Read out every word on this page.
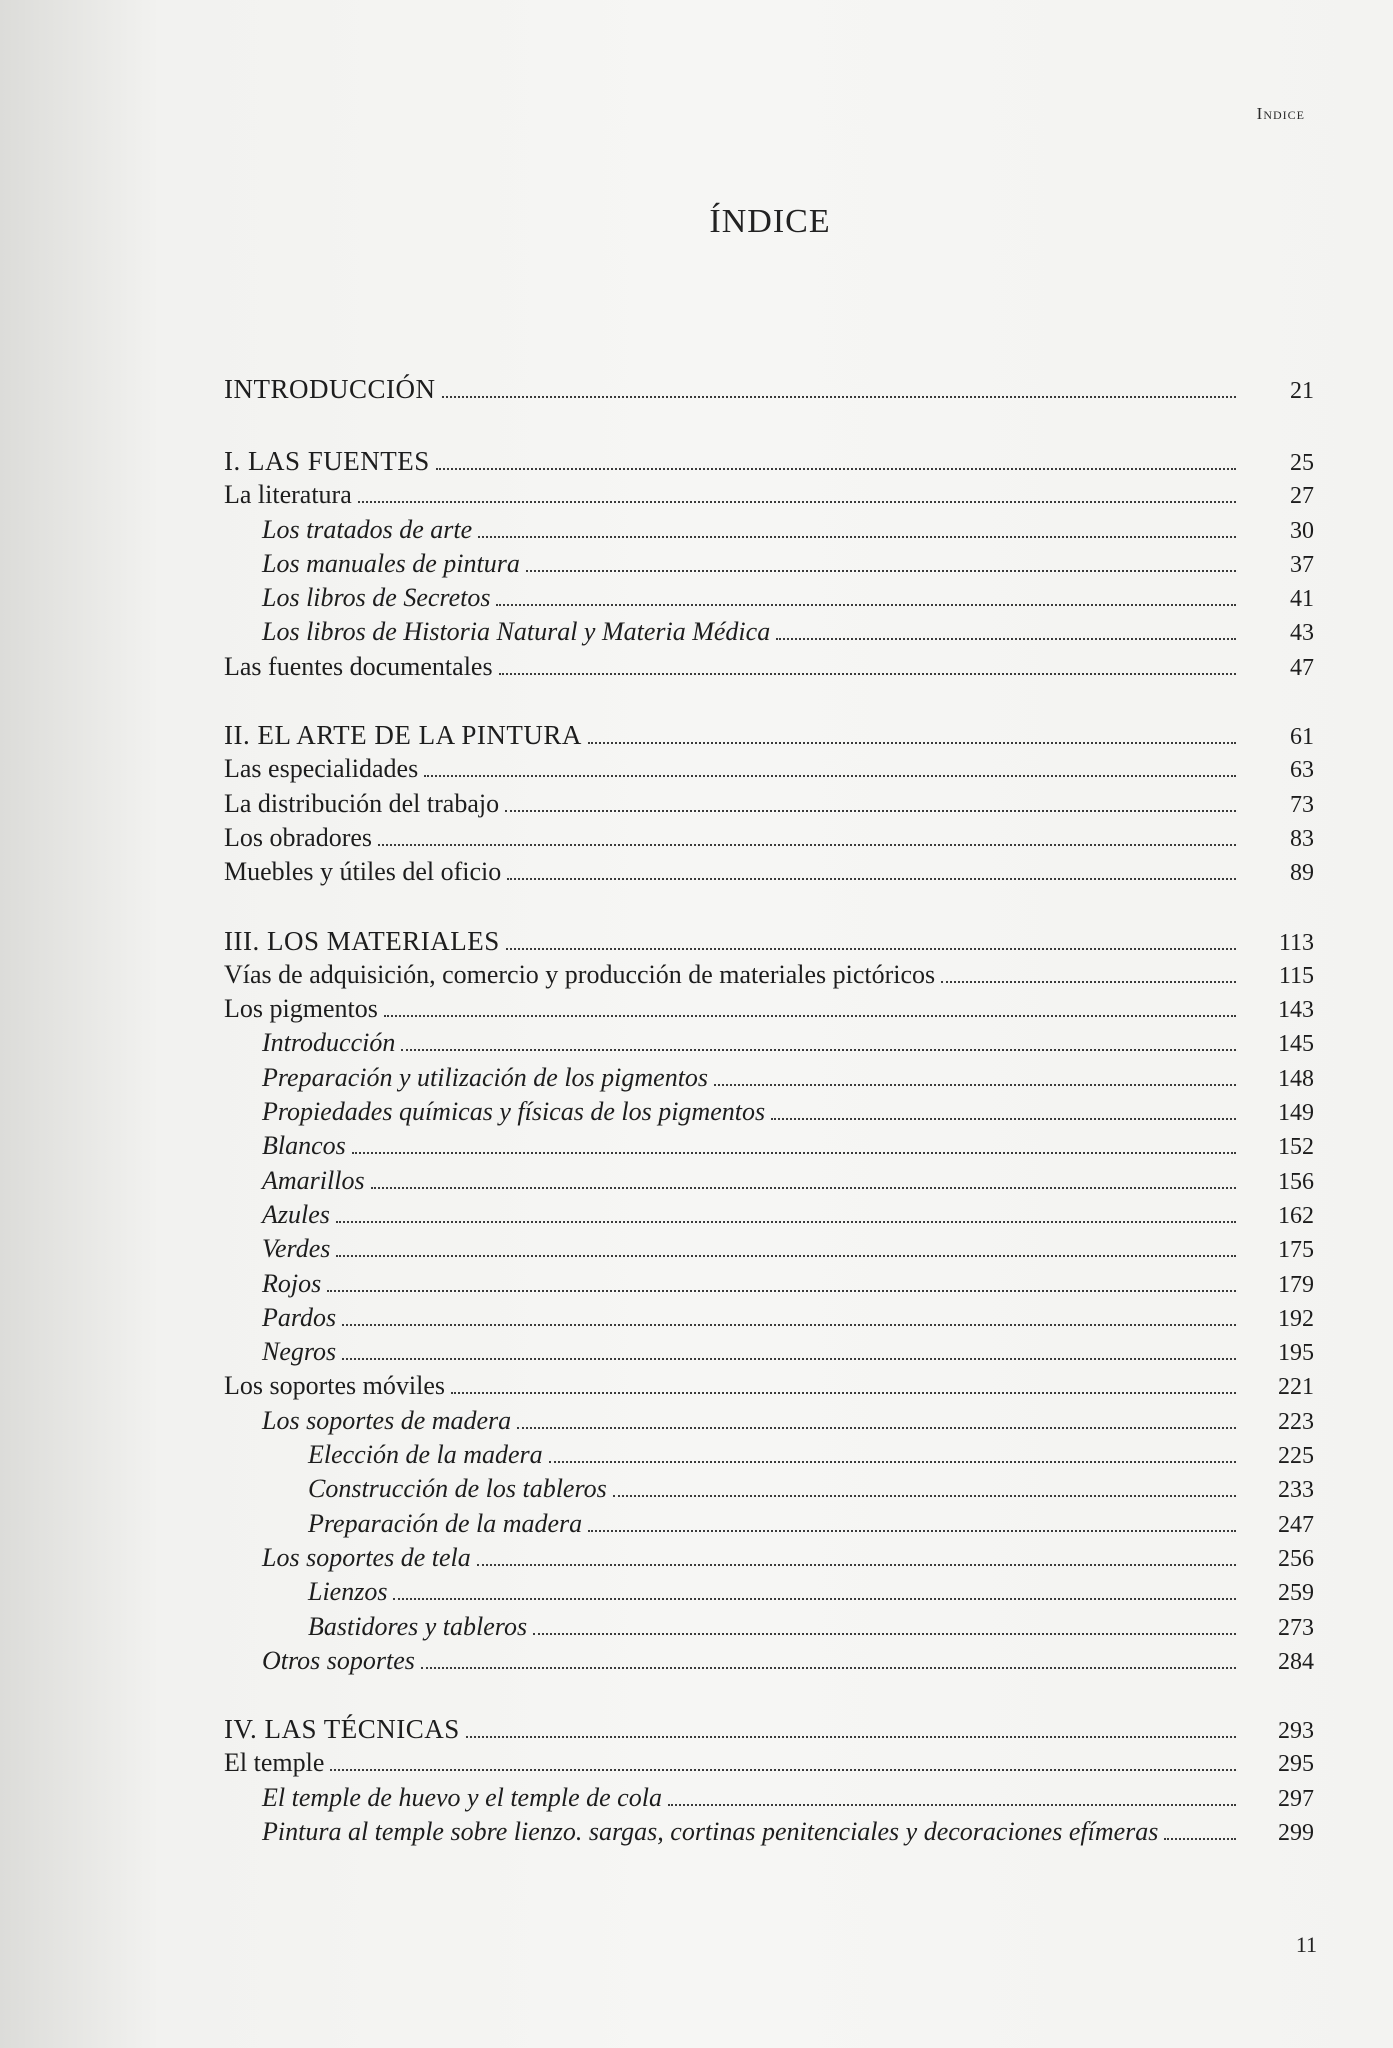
Indice
ÍNDICE
INTRODUCCIÓN	21
I. LAS FUENTES	25
La literatura	27
Los tratados de arte	30
Los manuales de pintura	37
Los libros de Secretos	41
Los libros de Historia Natural y Materia Médica	43
Las fuentes documentales	47
II. EL ARTE DE LA PINTURA	61
Las especialidades	63
La distribución del trabajo	73
Los obradores	83
Muebles y útiles del oficio	89
III. LOS MATERIALES	113
Vías de adquisición, comercio y producción de materiales pictóricos	115
Los pigmentos	143
Introducción	145
Preparación y utilización de los pigmentos	148
Propiedades químicas y físicas de los pigmentos	149
Blancos	152
Amarillos	156
Azules	162
Verdes	175
Rojos	179
Pardos	192
Negros	195
Los soportes móviles	221
Los soportes de madera	223
Elección de la madera	225
Construcción de los tableros	233
Preparación de la madera	247
Los soportes de tela	256
Lienzos	259
Bastidores y tableros	273
Otros soportes	284
IV. LAS TÉCNICAS	293
El temple	295
El temple de huevo y el temple de cola	297
Pintura al temple sobre lienzo. sargas, cortinas penitenciales y decoraciones efímeras	299
11
